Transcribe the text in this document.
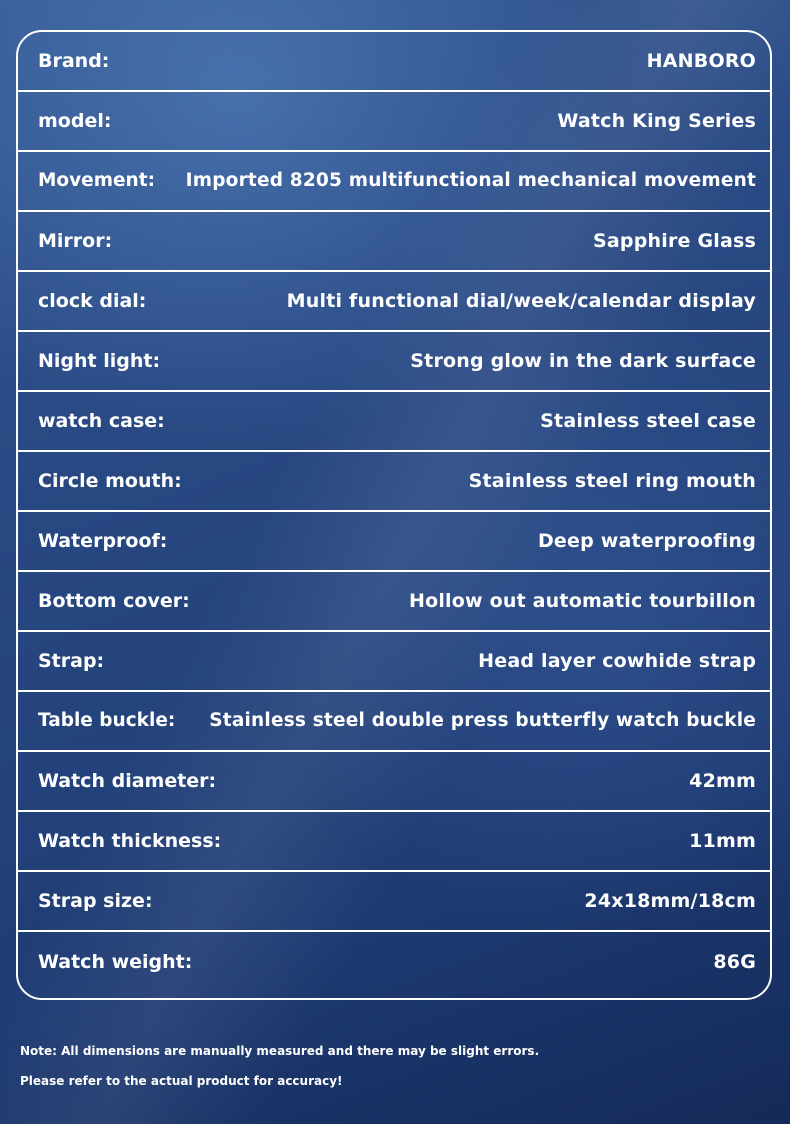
Brand:	HANBORO
model:	Watch King Series
Movement: Imported 8205 multifunctional mechanical movement
Mirror:	Sapphire Glass
clock dial:	Multi functional dial/week/calendar display
Night light:	Strong glow in the dark surface
watch case:	Stainless steel case
Circle mouth:	Stainless steel ring mouth
Waterproof:	Deep waterproofing
Bottom cover:	Hollow out automatic tourbillon
Strap:	Head layer cowhide strap
Table buckle: Stainless steel double press butterfly watch buckle
Watch diameter:	42mm
Watch thickness:	11mm
Strap size:	24x18mm/18cm
Watch weight:	86G
Note: All dimensions are manually measured and there may be slight errors.
Please refer to the actual product for accuracy!
